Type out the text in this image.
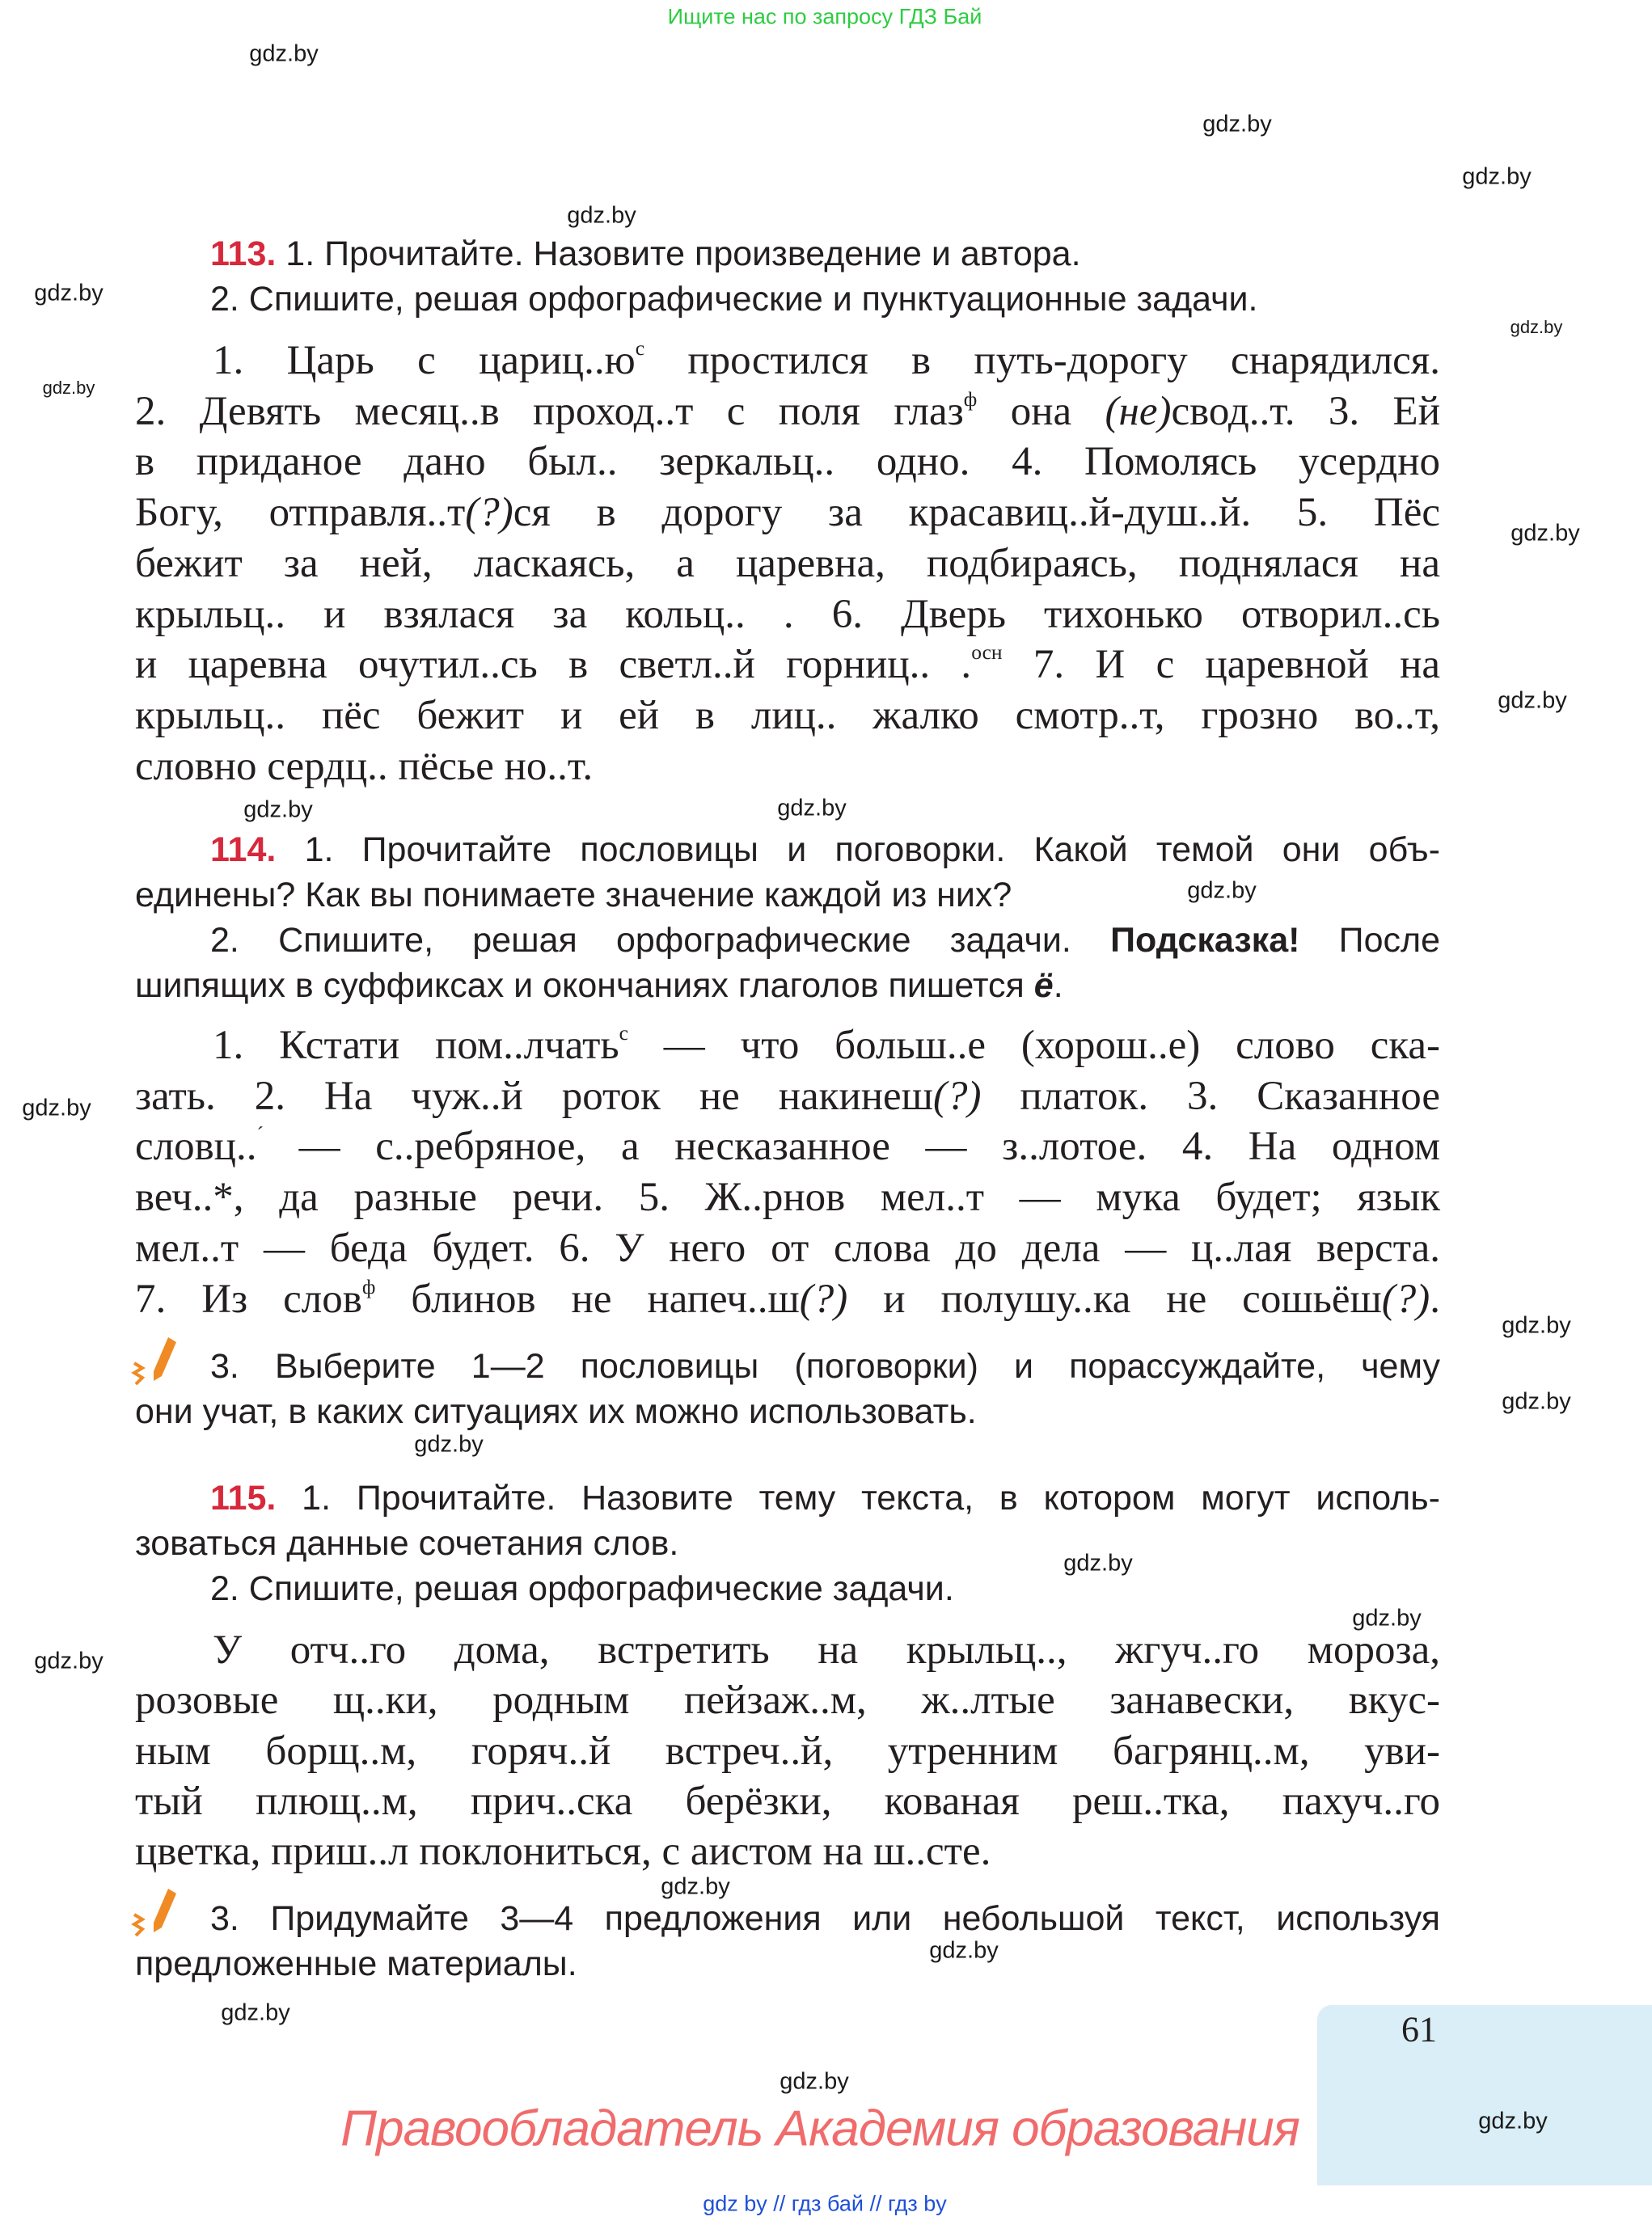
Ищите нас по запросу ГДЗ Бай
113. 1. Прочитайте. Назовите произведение и автора.
2. Спишите, решая орфографические и пунктуационные задачи.
1. Царь с $цариц..ю^с$ простился в путь-дорогу снарядился.
2. Девять месяц..в проход..т с поля глаз$^ф$ она (не)свод..т. 3. Ей
в приданое дано был.. зеркальц.. одно. 4. Помолясь усердно
Богу, отправля..т(?)ся в дорогу за красавиц..й-душ..й. 5. Пёс
бежит за ней, ласкаясь, а царевна, подбираясь, поднялася на
крыльц.. и взялася за кольц.. . 6. Дверь тихонько отворил..сь
и царевна очутил..сь в светл..й горниц.. .$^{осн}$ 7. И с царевной на
крыльц.. пёс бежит и ей в лиц.. жалко смотр..т, грозно во..т,
словно сердц.. пёсье но..т.
114. 1. Прочитайте пословицы и поговорки. Какой темой они объ-
единены? Как вы понимаете значение каждой из них?
2. Спишите, решая орфографические задачи. Подсказка! После
шипящих в суффиксах и окончаниях глаголов пишется ё.
1. Кстати пом..лчать$^с$ — что больш..е (хорош..е) слово ска-
зать. 2. На чуж..й роток не накинеш(?) платок. 3. Сказанное
словц..´ — с..ребряное, а несказанное — з..лотое. 4. На одном
веч..*, да разные речи. 5. Ж..рнов мел..т — мука будет; язык
мел..т — беда будет. 6. У него от слова до дела — ц..лая верста.
7. Из слов$^ф$ блинов не напеч..ш(?) и полушу..ка не сошьёш(?).
3. Выберите 1—2 пословицы (поговорки) и порассуждайте, чему
они учат, в каких ситуациях их можно использовать.
115. 1. Прочитайте. Назовите тему текста, в котором могут исполь-
зоваться данные сочетания слов.
2. Спишите, решая орфографические задачи.
У отч..го дома, встретить на крыльц.., жгуч..го мороза,
розовые щ..ки, родным пейзаж..м, ж..лтые занавески, вкус-
ным борщ..м, горяч..й встреч..й, утренним багрянц..м, уви-
тый плющ..м, прич..ска берёзки, кованая реш..тка, пахуч..го
цветка, приш..л поклониться, с аистом на ш..сте.
3. Придумайте 3—4 предложения или небольшой текст, используя
предложенные материалы.
61
Правообладатель Академия образования
gdz by // гдз бай // гдз by
gdz.by
gdz.by
gdz.by
gdz.by
gdz.by
gdz.by
gdz.by
gdz.by
gdz.by
gdz.by
gdz.by
gdz.by
gdz.by
gdz.by
gdz.by
gdz.by
gdz.by
gdz.by
gdz.by
gdz.by
gdz.by
gdz.by
gdz.by
gdz.by
